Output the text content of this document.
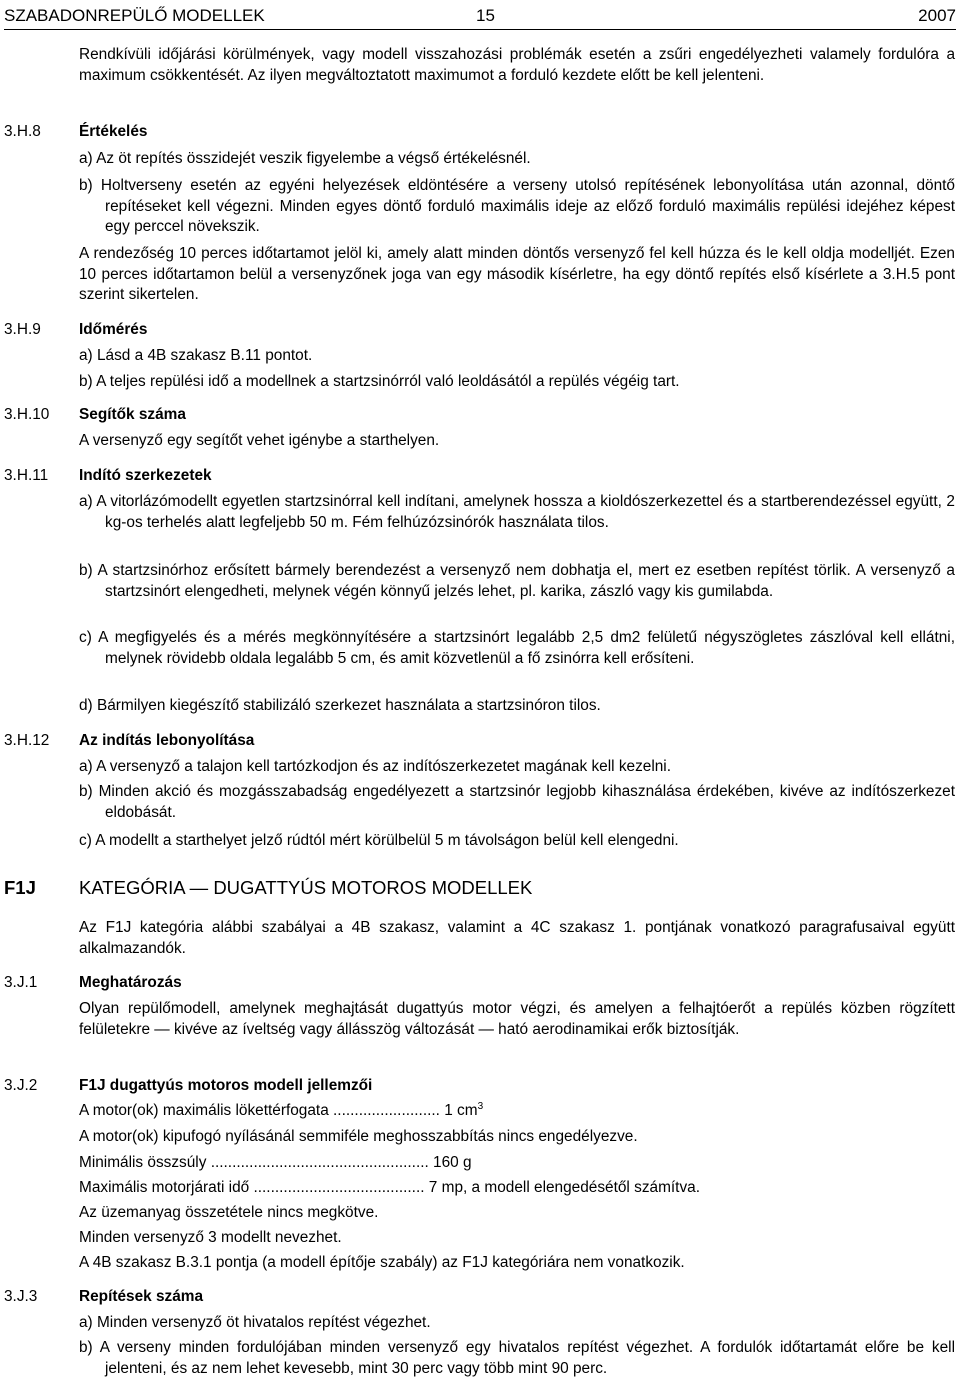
SZABADONREPÜLŐ MODELLEK	15	2007
Rendkívüli időjárási körülmények, vagy modell visszahozási problémák esetén a zsűri engedélyezheti valamely fordulóra a maximum csökkentését. Az ilyen megváltoztatott maximumot a forduló kezdete előtt be kell jelenteni.
3.H.8 Értékelés
a) Az öt repítés összidejét veszik figyelembe a végső értékelésnél.
b) Holtverseny esetén az egyéni helyezések eldöntésére a verseny utolsó repítésének lebonyolítása után azonnal, döntő repítéseket kell végezni. Minden egyes döntő forduló maximális ideje az előző forduló maximális repülési idejéhez képest egy perccel növekszik.
A rendezőség 10 perces időtartamot jelöl ki, amely alatt minden döntős versenyző fel kell húzza és le kell oldja modelljét. Ezen 10 perces időtartamon belül a versenyzőnek joga van egy második kísérletre, ha egy döntő repítés első kísérlete a 3.H.5 pont szerint sikertelen.
3.H.9 Időmérés
a) Lásd a 4B szakasz B.11 pontot.
b) A teljes repülési idő a modellnek a startzsinórról való leoldásától a repülés végéig tart.
3.H.10 Segítők száma
A versenyző egy segítőt vehet igénybe a starthelyen.
3.H.11 Indító szerkezetek
a) A vitorlázómodellt egyetlen startzsinórral kell indítani, amelynek hossza a kioldószerkezettel és a startberendezéssel együtt, 2 kg-os terhelés alatt legfeljebb 50 m. Fém felhúzózsinórók használata tilos.
b) A startzsinórhoz erősített bármely berendezést a versenyző nem dobhatja el, mert ez esetben repítést törlik. A versenyző a startzsinórt elengedheti, melynek végén könnyű jelzés lehet, pl. karika, zászló vagy kis gumilabda.
c) A megfigyelés és a mérés megkönnyítésére a startzsinórt legalább 2,5 dm2 felületű négyszögletes zászlóval kell ellátni, melynek rövidebb oldala legalább 5 cm, és amit közvetlenül a fő zsinórra kell erősíteni.
d) Bármilyen kiegészítő stabilizáló szerkezet használata a startzsinóron tilos.
3.H.12 Az indítás lebonyolítása
a) A versenyző a talajon kell tartózkodjon és az indítószerkezetet magának kell kezelni.
b) Minden akció és mozgásszabadság engedélyezett a startzsinór legjobb kihasználása érdekében, kivéve az indítószerkezet eldobását.
c) A modellt a starthelyet jelző rúdtól mért körülbelül 5 m távolságon belül kell elengedni.
F1J KATEGÓRIA — DUGATTYÚS MOTOROS MODELLEK
Az F1J kategória alábbi szabályai a 4B szakasz, valamint a 4C szakasz 1. pontjának vonatkozó paragrafusaival együtt alkalmazandók.
3.J.1	Meghatározás
Olyan repülőmodell, amelynek meghajtását dugattyús motor végzi, és amelyen a felhajtóerőt a repülés közben rögzített felületekre — kivéve az íveltség vagy állásszög változását — ható aerodinamikai erők biztosítják.
3.J.2	F1J dugattyús motoros modell jellemzői
A motor(ok) maximális lökettérfogata ......................... 1 $cm^3$
A motor(ok) kipufogó nyílásánál semmiféle meghosszabbítás nincs engedélyezve.
Minimális összsúly ................................................... 160 g
Maximális motorjárati idő ........................................ 7 mp, a modell elengedésétől számítva.
Az üzemanyag összetétele nincs megkötve.
Minden versenyző 3 modellt nevezhet.
A 4B szakasz B.3.1 pontja (a modell építője szabály) az F1J kategóriára nem vonatkozik.
3.J.3	Repítések száma
a) Minden versenyző öt hivatalos repítést végezhet.
b) A verseny minden fordulójában minden versenyző egy hivatalos repítést végezhet. A fordulók időtartamát előre be kell jelenteni, és az nem lehet kevesebb, mint 30 perc vagy több mint 90 perc.
